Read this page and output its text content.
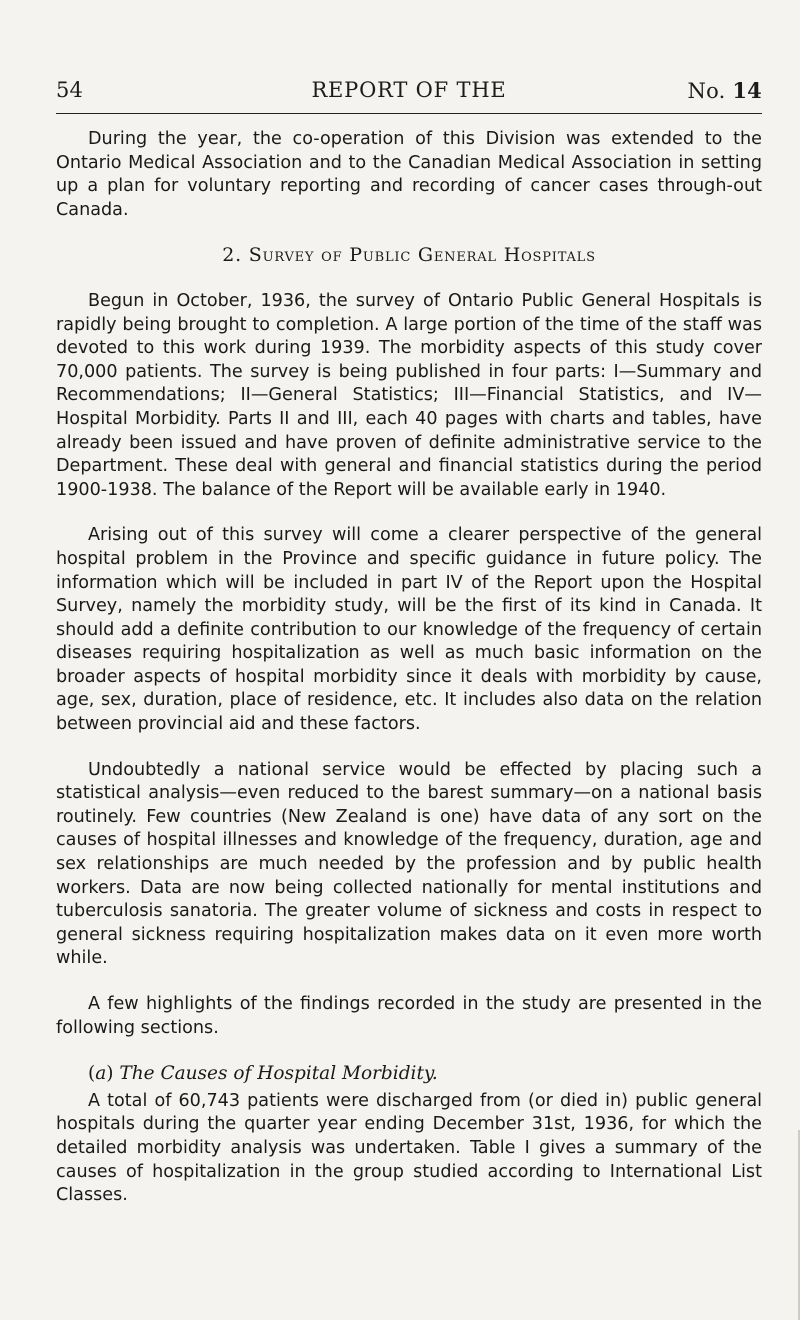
54	REPORT OF THE	No. 14

During the year, the co-operation of this Division was extended to the Ontario Medical Association and to the Canadian Medical Association in setting up a plan for voluntary reporting and recording of cancer cases through-out Canada.

2. Survey of Public General Hospitals

Begun in October, 1936, the survey of Ontario Public General Hospitals is rapidly being brought to completion. A large portion of the time of the staff was devoted to this work during 1939. The morbidity aspects of this study cover 70,000 patients. The survey is being published in four parts: I—Summary and Recommendations; II—General Statistics; III—Financial Statistics, and IV—Hospital Morbidity. Parts II and III, each 40 pages with charts and tables, have already been issued and have proven of definite administrative service to the Department. These deal with general and financial statistics during the period 1900-1938. The balance of the Report will be available early in 1940.

Arising out of this survey will come a clearer perspective of the general hospital problem in the Province and specific guidance in future policy. The information which will be included in part IV of the Report upon the Hospital Survey, namely the morbidity study, will be the first of its kind in Canada. It should add a definite contribution to our knowledge of the frequency of certain diseases requiring hospitalization as well as much basic information on the broader aspects of hospital morbidity since it deals with morbidity by cause, age, sex, duration, place of residence, etc. It includes also data on the relation between provincial aid and these factors.

Undoubtedly a national service would be effected by placing such a statistical analysis—even reduced to the barest summary—on a national basis routinely. Few countries (New Zealand is one) have data of any sort on the causes of hospital illnesses and knowledge of the frequency, duration, age and sex relationships are much needed by the profession and by public health workers. Data are now being collected nationally for mental institutions and tuberculosis sanatoria. The greater volume of sickness and costs in respect to general sickness requiring hospitalization makes data on it even more worth while.

A few highlights of the findings recorded in the study are presented in the following sections.

(a) The Causes of Hospital Morbidity.

A total of 60,743 patients were discharged from (or died in) public general hospitals during the quarter year ending December 31st, 1936, for which the detailed morbidity analysis was undertaken. Table I gives a summary of the causes of hospitalization in the group studied according to International List Classes.
